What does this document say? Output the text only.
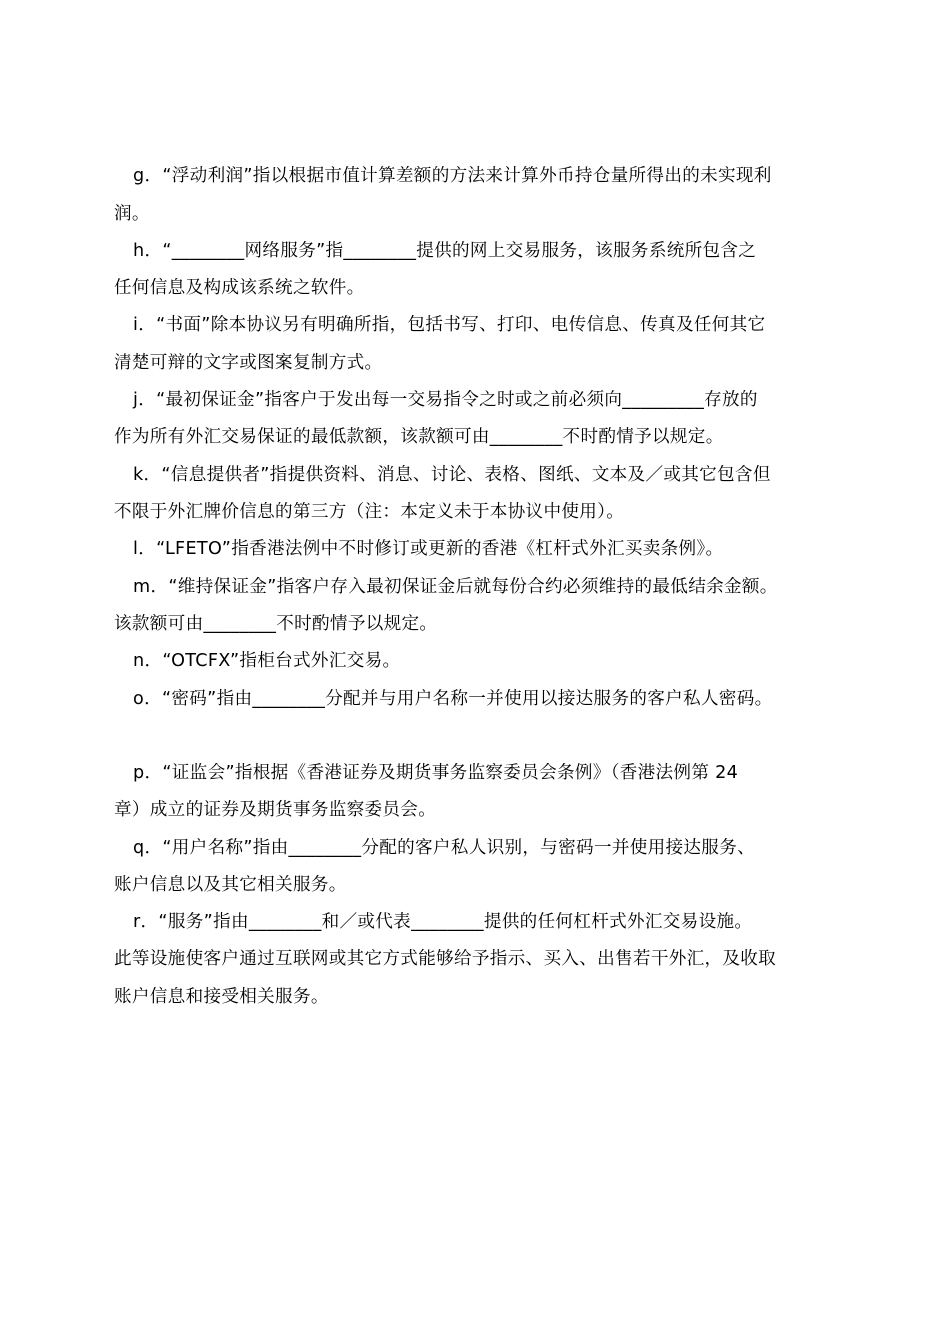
g．“浮动利润”指以根据市值计算差额的方法来计算外币持仓量所得出的未实现利
润。
h．“________网络服务”指________提供的网上交易服务，该服务系统所包含之
任何信息及构成该系统之软件。
i．“书面”除本协议另有明确所指，包括书写、打印、电传信息、传真及任何其它
清楚可辩的文字或图案复制方式。
j．“最初保证金”指客户于发出每一交易指令之时或之前必须向_________存放的
作为所有外汇交易保证的最低款额，该款额可由________不时酌情予以规定。
k．“信息提供者”指提供资料、消息、讨论、表格、图纸、文本及／或其它包含但
不限于外汇牌价信息的第三方（注：本定义未于本协议中使用）。
l．“LFETO”指香港法例中不时修订或更新的香港《杠杆式外汇买卖条例》。
m．“维持保证金”指客户存入最初保证金后就每份合约必须维持的最低结余金额。
该款额可由________不时酌情予以规定。
n．“OTCFX”指柜台式外汇交易。
o．“密码”指由________分配并与用户名称一并使用以接达服务的客户私人密码。
p．“证监会”指根据《香港证券及期货事务监察委员会条例》（香港法例第 24
章）成立的证券及期货事务监察委员会。
q．“用户名称”指由________分配的客户私人识别，与密码一并使用接达服务、
账户信息以及其它相关服务。
r．“服务”指由________和／或代表________提供的任何杠杆式外汇交易设施。
此等设施使客户通过互联网或其它方式能够给予指示、买入、出售若干外汇，及收取
账户信息和接受相关服务。
